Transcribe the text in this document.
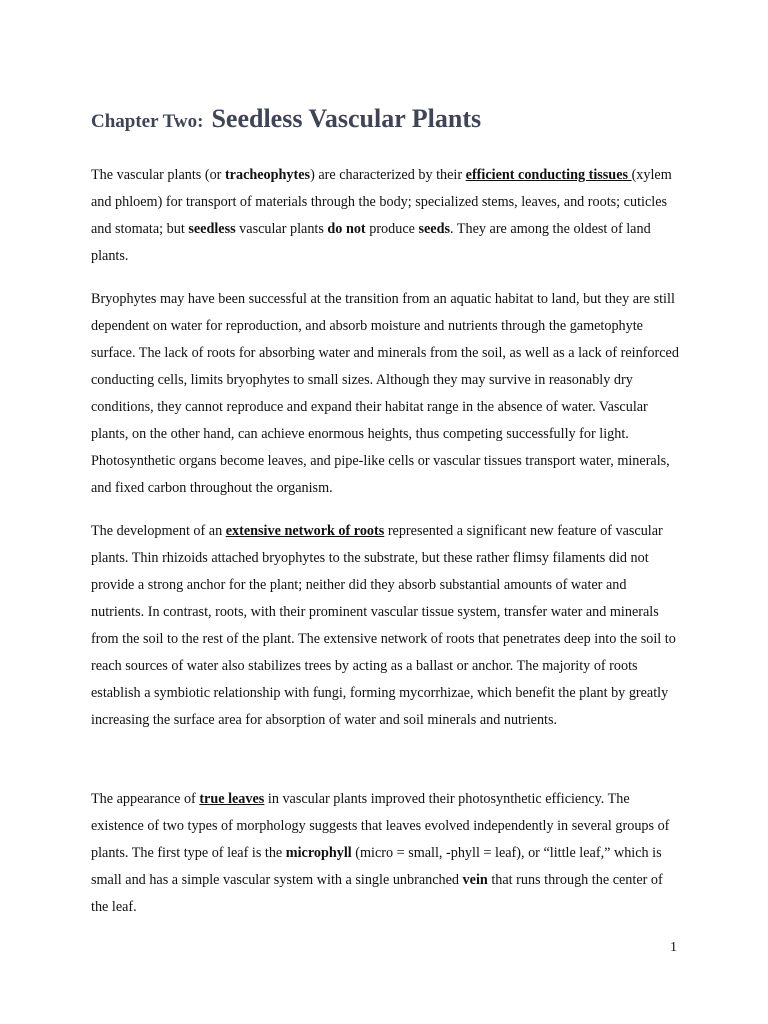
Chapter Two: Seedless Vascular Plants

The vascular plants (or tracheophytes) are characterized by their efficient conducting tissues (xylem and phloem) for transport of materials through the body; specialized stems, leaves, and roots; cuticles and stomata; but seedless vascular plants do not produce seeds. They are among the oldest of land plants.

Bryophytes may have been successful at the transition from an aquatic habitat to land, but they are still dependent on water for reproduction, and absorb moisture and nutrients through the gametophyte surface. The lack of roots for absorbing water and minerals from the soil, as well as a lack of reinforced conducting cells, limits bryophytes to small sizes. Although they may survive in reasonably dry conditions, they cannot reproduce and expand their habitat range in the absence of water. Vascular plants, on the other hand, can achieve enormous heights, thus competing successfully for light. Photosynthetic organs become leaves, and pipe-like cells or vascular tissues transport water, minerals, and fixed carbon throughout the organism.

The development of an extensive network of roots represented a significant new feature of vascular plants. Thin rhizoids attached bryophytes to the substrate, but these rather flimsy filaments did not provide a strong anchor for the plant; neither did they absorb substantial amounts of water and nutrients. In contrast, roots, with their prominent vascular tissue system, transfer water and minerals from the soil to the rest of the plant. The extensive network of roots that penetrates deep into the soil to reach sources of water also stabilizes trees by acting as a ballast or anchor. The majority of roots establish a symbiotic relationship with fungi, forming mycorrhizae, which benefit the plant by greatly increasing the surface area for absorption of water and soil minerals and nutrients.

The appearance of true leaves in vascular plants improved their photosynthetic efficiency. The existence of two types of morphology suggests that leaves evolved independently in several groups of plants. The first type of leaf is the microphyll (micro = small, -phyll = leaf), or “little leaf,” which is small and has a simple vascular system with a single unbranched vein that runs through the center of the leaf.

1
